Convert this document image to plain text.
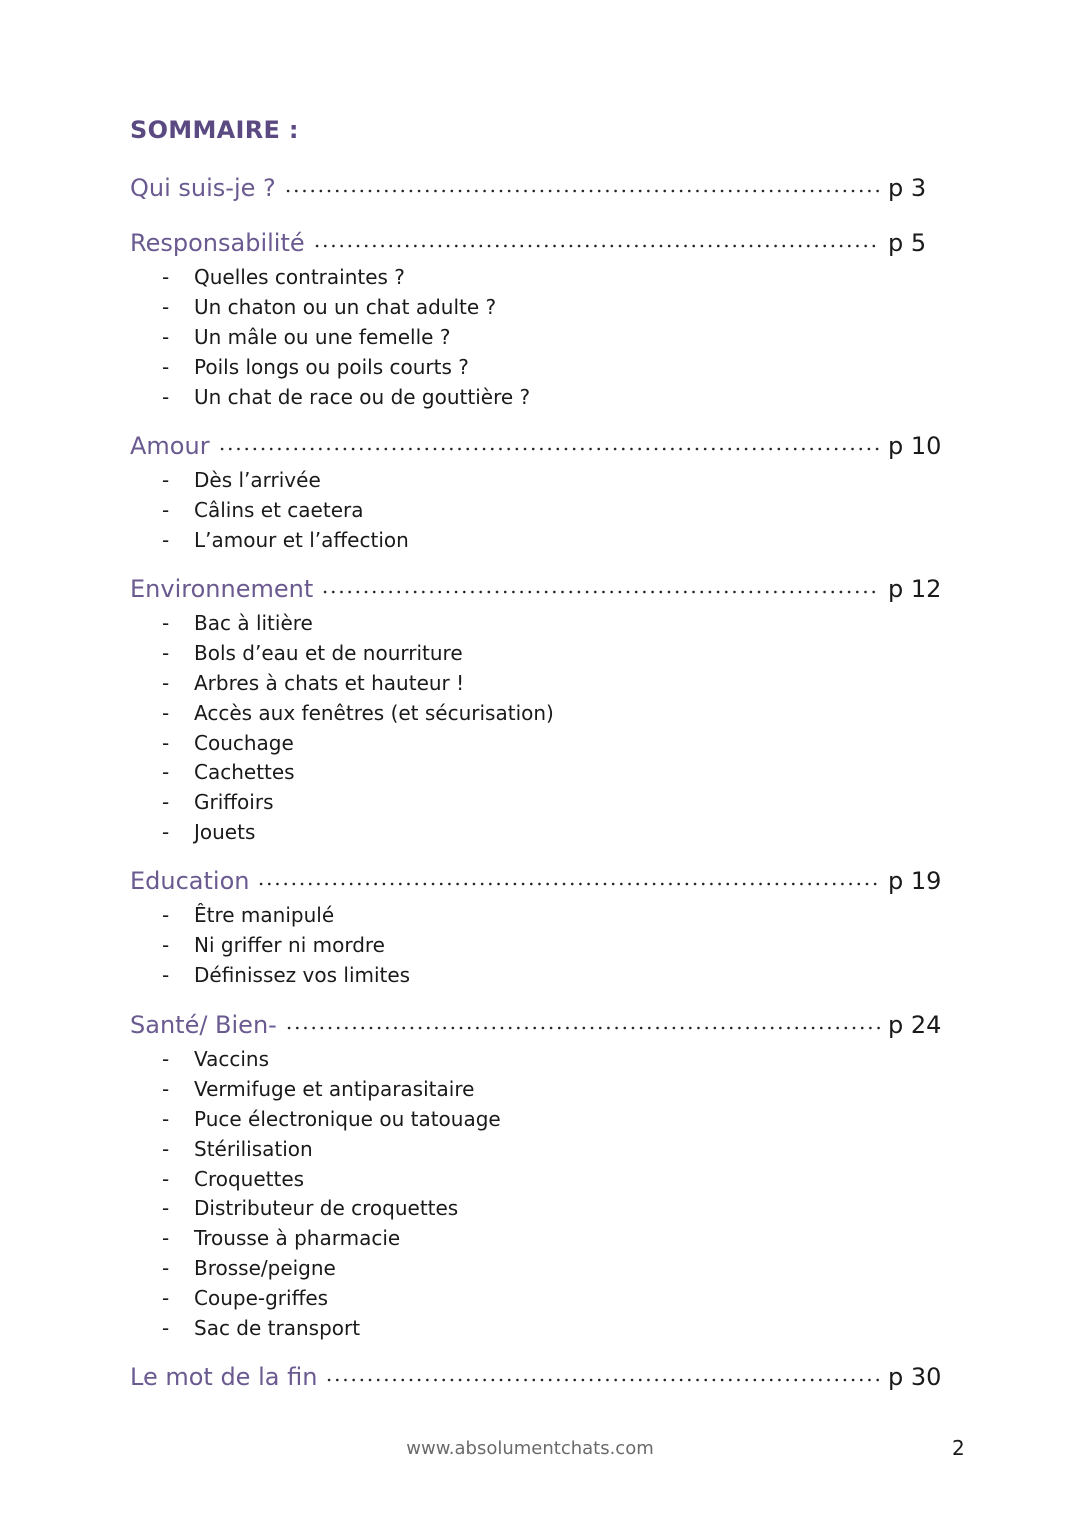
SOMMAIRE :
Qui suis-je ?	p 3
Responsabilité	p 5
- Quelles contraintes ?
- Un chaton ou un chat adulte ?
- Un mâle ou une femelle ?
- Poils longs ou poils courts ?
- Un chat de race ou de gouttière ?
Amour	p 10
- Dès l’arrivée
- Câlins et caetera
- L’amour et l’affection
Environnement	p 12
- Bac à litière
- Bols d’eau et de nourriture
- Arbres à chats et hauteur !
- Accès aux fenêtres (et sécurisation)
- Couchage
- Cachettes
- Griffoirs
- Jouets
Education	p 19
- Être manipulé
- Ni griffer ni mordre
- Définissez vos limites
Santé/ Bien-	p 24
- Vaccins
- Vermifuge et antiparasitaire
- Puce électronique ou tatouage
- Stérilisation
- Croquettes
- Distributeur de croquettes
- Trousse à pharmacie
- Brosse/peigne
- Coupe-griffes
- Sac de transport
Le mot de la fin	p 30
www.absolumentchats.com	2
